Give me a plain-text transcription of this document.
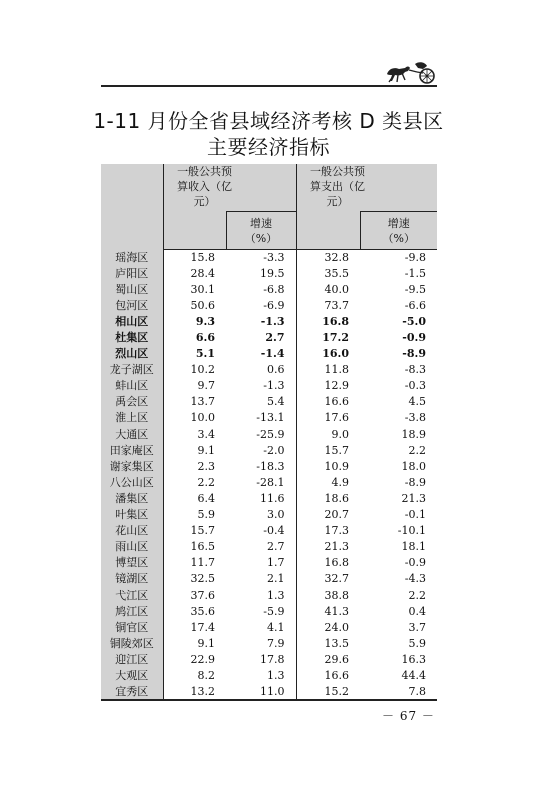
1-11 月份全省县域经济考核 D 类县区
主要经济指标
	一般公共预算收入（亿元）		一般公共预算支出（亿元）	
		增速（%）		增速（%）
瑶海区	15.8	-3.3	32.8	-9.8
庐阳区	28.4	19.5	35.5	-1.5
蜀山区	30.1	-6.8	40.0	-9.5
包河区	50.6	-6.9	73.7	-6.6
相山区	9.3	-1.3	16.8	-5.0
杜集区	6.6	2.7	17.2	-0.9
烈山区	5.1	-1.4	16.0	-8.9
龙子湖区	10.2	0.6	11.8	-8.3
蚌山区	9.7	-1.3	12.9	-0.3
禹会区	13.7	5.4	16.6	4.5
淮上区	10.0	-13.1	17.6	-3.8
大通区	3.4	-25.9	9.0	18.9
田家庵区	9.1	-2.0	15.7	2.2
谢家集区	2.3	-18.3	10.9	18.0
八公山区	2.2	-28.1	4.9	-8.9
潘集区	6.4	11.6	18.6	21.3
叶集区	5.9	3.0	20.7	-0.1
花山区	15.7	-0.4	17.3	-10.1
雨山区	16.5	2.7	21.3	18.1
博望区	11.7	1.7	16.8	-0.9
镜湖区	32.5	2.1	32.7	-4.3
弋江区	37.6	1.3	38.8	2.2
鸠江区	35.6	-5.9	41.3	0.4
铜官区	17.4	4.1	24.0	3.7
铜陵郊区	9.1	7.9	13.5	5.9
迎江区	22.9	17.8	29.6	16.3
大观区	8.2	1.3	16.6	44.4
宜秀区	13.2	11.0	15.2	7.8
－ 67 －
